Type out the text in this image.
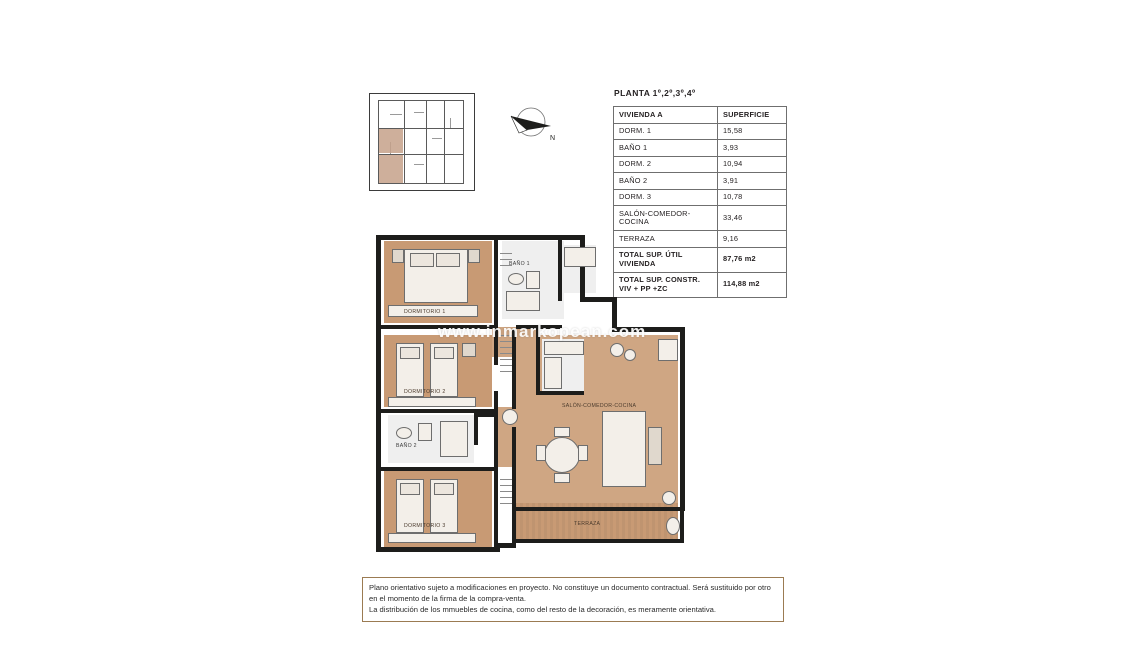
N
PLANTA 1º,2º,3º,4º
VIVIENDA A	SUPERFICIE
DORM. 1	15,58
BAÑO 1	3,93
DORM. 2	10,94
BAÑO 2	3,91
DORM. 3	10,78
SALÓN-COMEDOR-COCINA	33,46
TERRAZA	9,16
TOTAL SUP. ÚTIL VIVIENDA	87,76 m2
TOTAL SUP. CONSTR. VIV + PP +ZC	114,88 m2
DORMITORIO 1
BAÑO 1
DORMITORIO 2
BAÑO 2
DORMITORIO 3
SALÓN-COMEDOR-COCINA
TERRAZA
www.inmarkopean.com

Plano orientativo sujeto a modificaciones en proyecto. No constituye un documento contractual. Será sustituido por otro en el momento de la firma de la compra-venta.

La distribución de los mmuebles de cocina, como del resto de la decoración, es meramente orientativa.
